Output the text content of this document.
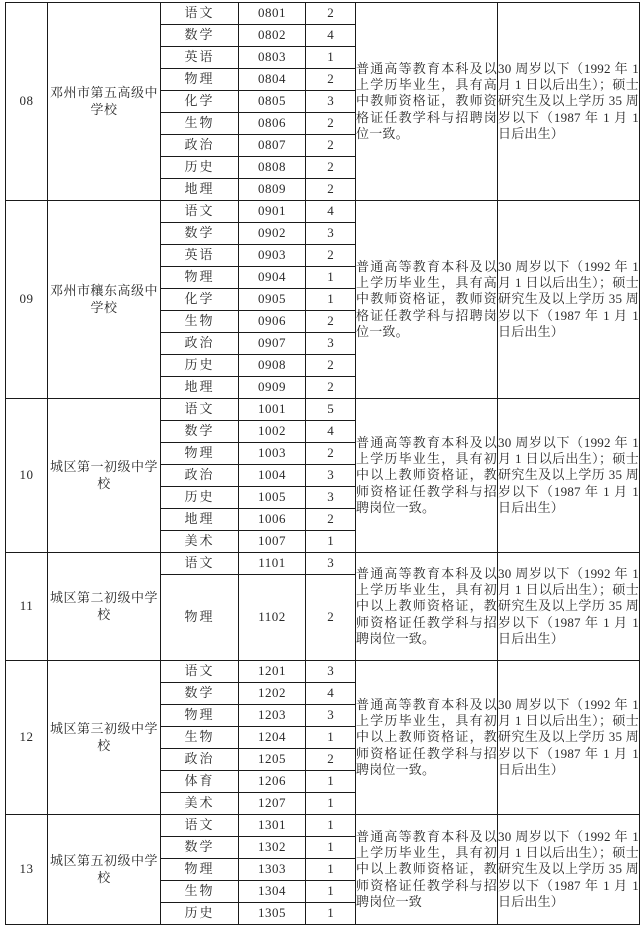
08	邓州市第五高级中学校	语文	0801	2	普通高等教育本科及以上学历毕业生，具有高中教师资格证，教师资格证任教学科与招聘岗位一致。	30 周岁以下（1992 年 1 月 1 日以后出生）；硕士研究生及以上学历 35 周岁以下（1987 年 1 月 1 日后出生）
		数学	0802	4		
		英语	0803	1		
		物理	0804	2		
		化学	0805	3		
		生物	0806	2		
		政治	0807	2		
		历史	0808	2		
		地理	0809	2		
09	邓州市穰东高级中学校	语文	0901	4	普通高等教育本科及以上学历毕业生，具有高中教师资格证，教师资格证任教学科与招聘岗位一致。	30 周岁以下（1992 年 1 月 1 日以后出生）；硕士研究生及以上学历 35 周岁以下（1987 年 1 月 1 日后出生）
		数学	0902	3		
		英语	0903	2		
		物理	0904	1		
		化学	0905	1		
		生物	0906	2		
		政治	0907	3		
		历史	0908	2		
		地理	0909	2		
10	城区第一初级中学校	语文	1001	5	普通高等教育本科及以上学历毕业生，具有初中以上教师资格证，教师资格证任教学科与招聘岗位一致。	30 周岁以下（1992 年 1 月 1 日以后出生）；硕士研究生及以上学历 35 周岁以下（1987 年 1 月 1 日后出生）
		数学	1002	4		
		物理	1003	2		
		政治	1004	3		
		历史	1005	3		
		地理	1006	2		
		美术	1007	1		
11	城区第二初级中学校	语文	1101	3	普通高等教育本科及以上学历毕业生，具有初中以上教师资格证，教师资格证任教学科与招聘岗位一致。	30 周岁以下（1992 年 1 月 1 日以后出生）；硕士研究生及以上学历 35 周岁以下（1987 年 1 月 1 日后出生）
		物理	1102	2		
12	城区第三初级中学校	语文	1201	3	普通高等教育本科及以上学历毕业生，具有初中以上教师资格证，教师资格证任教学科与招聘岗位一致。	30 周岁以下（1992 年 1 月 1 日以后出生）；硕士研究生及以上学历 35 周岁以下（1987 年 1 月 1 日后出生）
		数学	1202	4		
		物理	1203	3		
		生物	1204	1		
		政治	1205	2		
		体育	1206	1		
		美术	1207	1		
13	城区第五初级中学校	语文	1301	1	普通高等教育本科及以上学历毕业生，具有初中以上教师资格证，教师资格证任教学科与招聘岗位一致	30 周岁以下（1992 年 1 月 1 日以后出生）；硕士研究生及以上学历 35 周岁以下（1987 年 1 月 1 日后出生）
		数学	1302	1		
		物理	1303	1		
		生物	1304	1		
		历史	1305	1		
